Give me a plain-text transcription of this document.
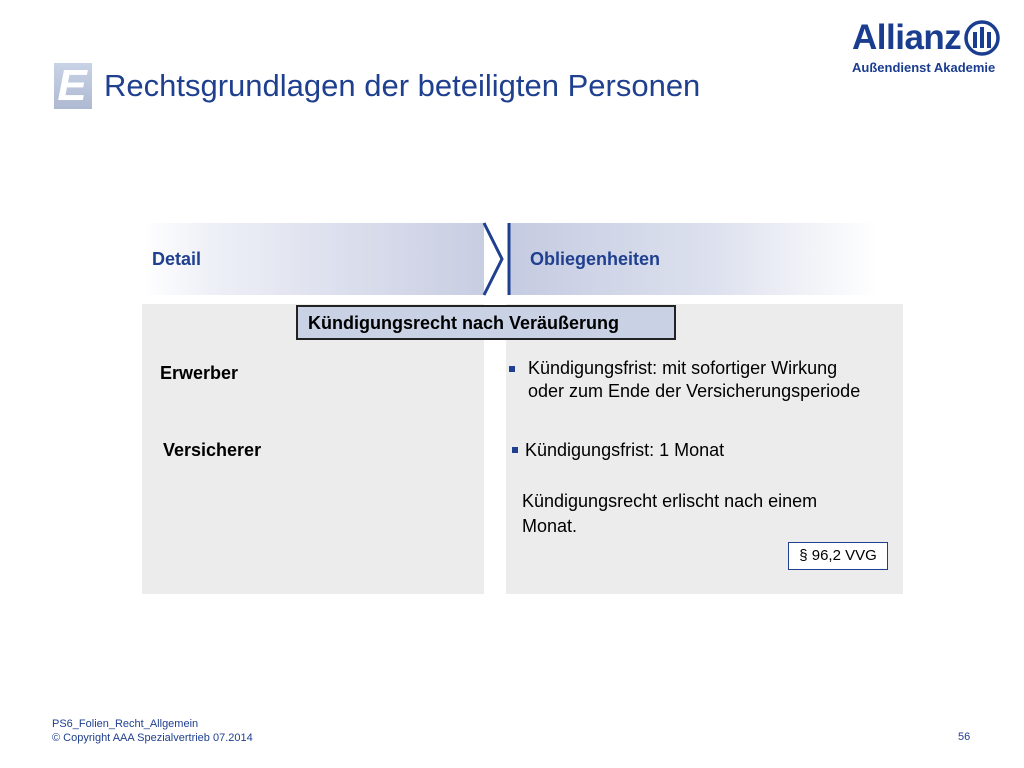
E Rechtsgrundlagen der beteiligten Personen
Allianz
Außendienst Akademie
Detail	Obliegenheiten
Kündigungsrecht nach Veräußerung
Erwerber	Kündigungsfrist: mit sofortiger Wirkung
oder zum Ende der Versicherungsperiode
Versicherer	Kündigungsfrist: 1 Monat
Kündigungsrecht erlischt nach einem
Monat.
§ 96,2 VVG
PS6_Folien_Recht_Allgemein
© Copyright AAA Spezialvertrieb 07.2014	56
